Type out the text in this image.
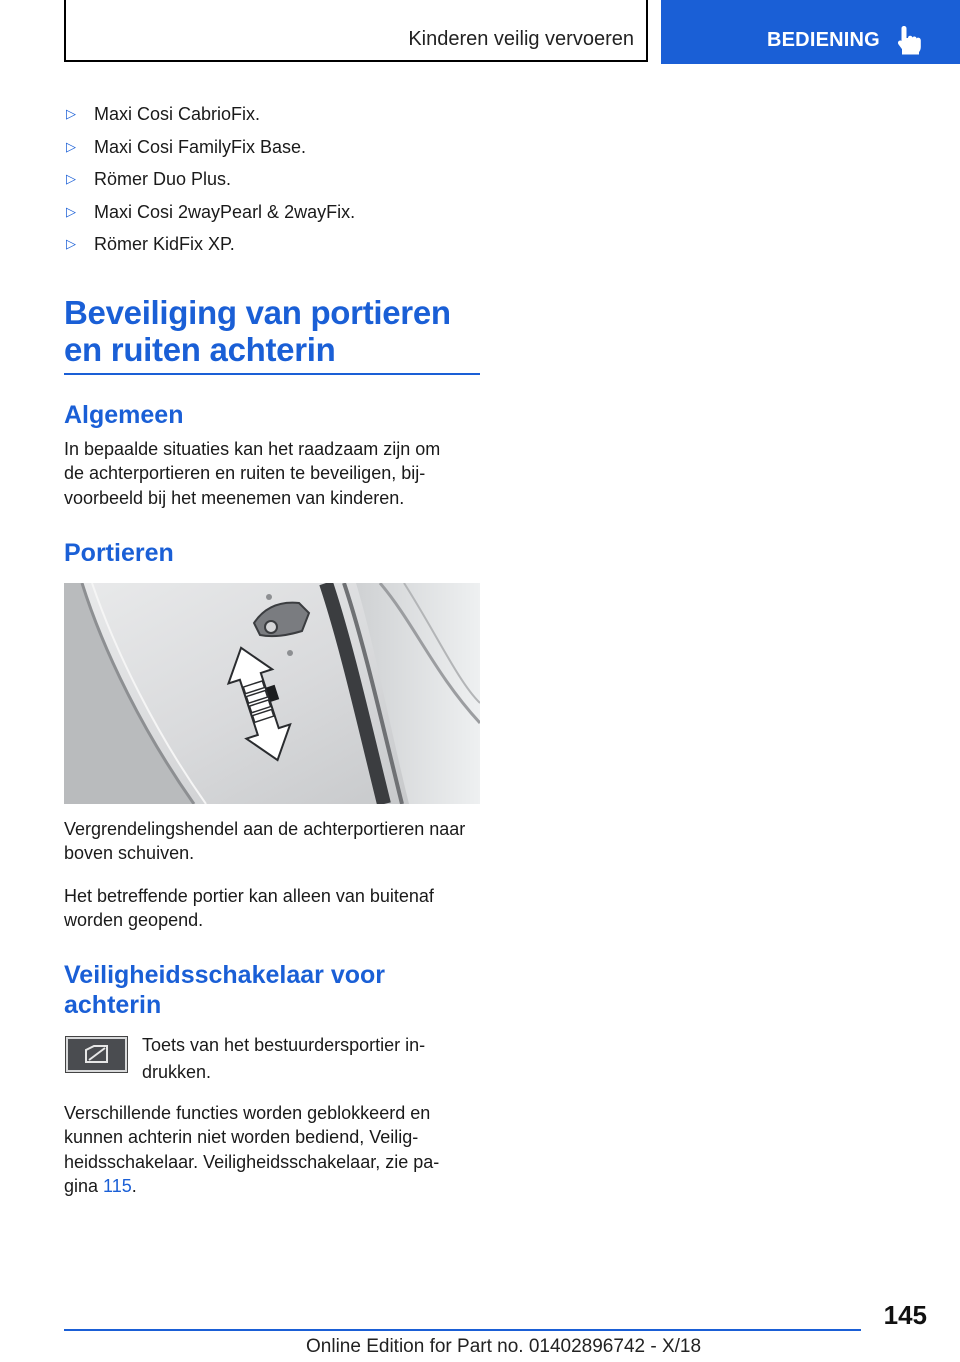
Kinderen veilig vervoeren	BEDIENING
▷ Maxi Cosi CabrioFix.
▷ Maxi Cosi FamilyFix Base.
▷ Römer Duo Plus.
▷ Maxi Cosi 2wayPearl & 2wayFix.
▷ Römer KidFix XP.
Beveiliging van portieren en ruiten achterin
Algemeen
In bepaalde situaties kan het raadzaam zijn om de achterportieren en ruiten te beveiligen, bijvoorbeeld bij het meenemen van kinderen.
Portieren
Vergrendelingshendel aan de achterportieren naar boven schuiven.
Het betreffende portier kan alleen van buitenaf worden geopend.
Veiligheidsschakelaar voor achterin
Toets van het bestuurdersportier indrukken.
Verschillende functies worden geblokkeerd en kunnen achterin niet worden bediend, Veiligheidsschakelaar. Veiligheidsschakelaar, zie pagina 115.
145
Online Edition for Part no. 01402896742 - X/18
